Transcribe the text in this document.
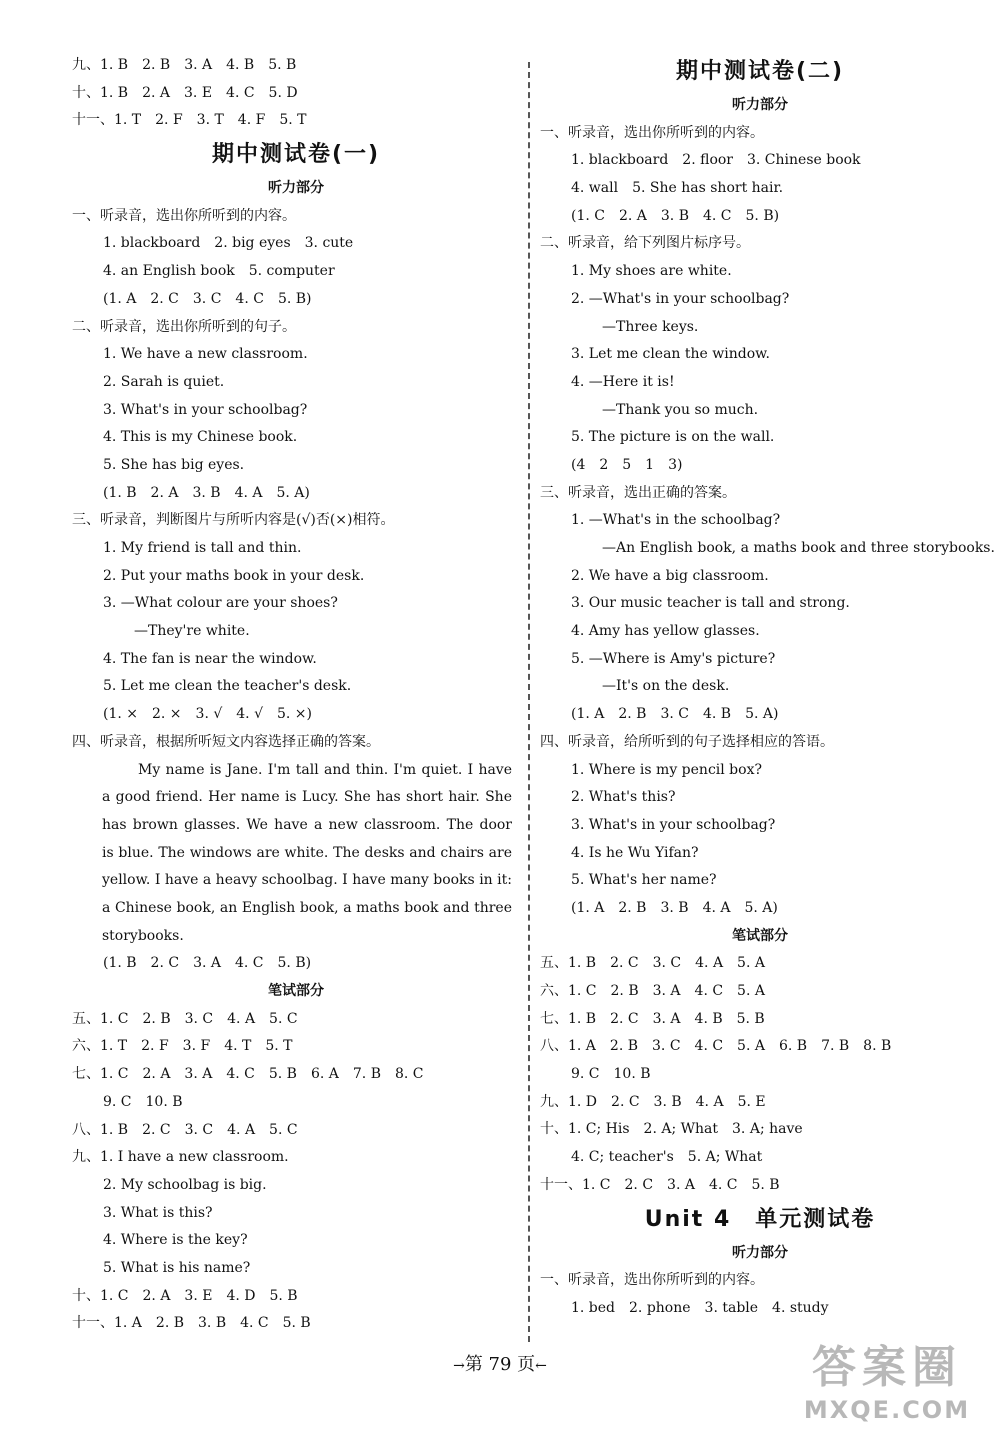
九、1. B　2. B　3. A　4. B　5. B
十、1. B　2. A　3. E　4. C　5. D
十一、1. T　2. F　3. T　4. F　5. T
期中测试卷(一)
听力部分
一、听录音，选出你所听到的内容。
1. blackboard　2. big eyes　3. cute
4. an English book　5. computer
(1. A　2. C　3. C　4. C　5. B)
二、听录音，选出你所听到的句子。
1. We have a new classroom.
2. Sarah is quiet.
3. What's in your schoolbag?
4. This is my Chinese book.
5. She has big eyes.
(1. B　2. A　3. B　4. A　5. A)
三、听录音，判断图片与所听内容是(√)否(×)相符。
1. My friend is tall and thin.
2. Put your maths book in your desk.
3. —What colour are your shoes?
—They're white.
4. The fan is near the window.
5. Let me clean the teacher's desk.
(1. ×　2. ×　3. √　4. √　5. ×)
四、听录音，根据所听短文内容选择正确的答案。
My name is Jane. I'm tall and thin. I'm quiet. I have a good friend. Her name is Lucy. She has short hair. She has brown glasses. We have a new classroom. The door is blue. The windows are white. The desks and chairs are yellow. I have a heavy schoolbag. I have many books in it: a Chinese book, an English book, a maths book and three storybooks.
(1. B　2. C　3. A　4. C　5. B)
笔试部分
五、1. C　2. B　3. C　4. A　5. C
六、1. T　2. F　3. F　4. T　5. T
七、1. C　2. A　3. A　4. C　5. B　6. A　7. B　8. C
9. C　10. B
八、1. B　2. C　3. C　4. A　5. C
九、1. I have a new classroom.
2. My schoolbag is big.
3. What is this?
4. Where is the key?
5. What is his name?
十、1. C　2. A　3. E　4. D　5. B
十一、1. A　2. B　3. B　4. C　5. B
期中测试卷(二)
听力部分
一、听录音，选出你所听到的内容。
1. blackboard　2. floor　3. Chinese book
4. wall　5. She has short hair.
(1. C　2. A　3. B　4. C　5. B)
二、听录音，给下列图片标序号。
1. My shoes are white.
2. —What's in your schoolbag?
—Three keys.
3. Let me clean the window.
4. —Here it is!
—Thank you so much.
5. The picture is on the wall.
(4　2　5　1　3)
三、听录音，选出正确的答案。
1. —What's in the schoolbag?
—An English book, a maths book and three storybooks.
2. We have a big classroom.
3. Our music teacher is tall and strong.
4. Amy has yellow glasses.
5. —Where is Amy's picture?
—It's on the desk.
(1. A　2. B　3. C　4. B　5. A)
四、听录音，给所听到的句子选择相应的答语。
1. Where is my pencil box?
2. What's this?
3. What's in your schoolbag?
4. Is he Wu Yifan?
5. What's her name?
(1. A　2. B　3. B　4. A　5. A)
笔试部分
五、1. B　2. C　3. C　4. A　5. A
六、1. C　2. B　3. A　4. C　5. A
七、1. B　2. C　3. A　4. B　5. B
八、1. A　2. B　3. C　4. C　5. A　6. B　7. B　8. B
9. C　10. B
九、1. D　2. C　3. B　4. A　5. E
十、1. C; His　2. A; What　3. A; have
4. C; teacher's　5. A; What
十一、1. C　2. C　3. A　4. C　5. B
Unit 4　单元测试卷
听力部分
一、听录音，选出你所听到的内容。
1. bed　2. phone　3. table　4. study
→第 79 页←	答案圈
MXQE.COM
